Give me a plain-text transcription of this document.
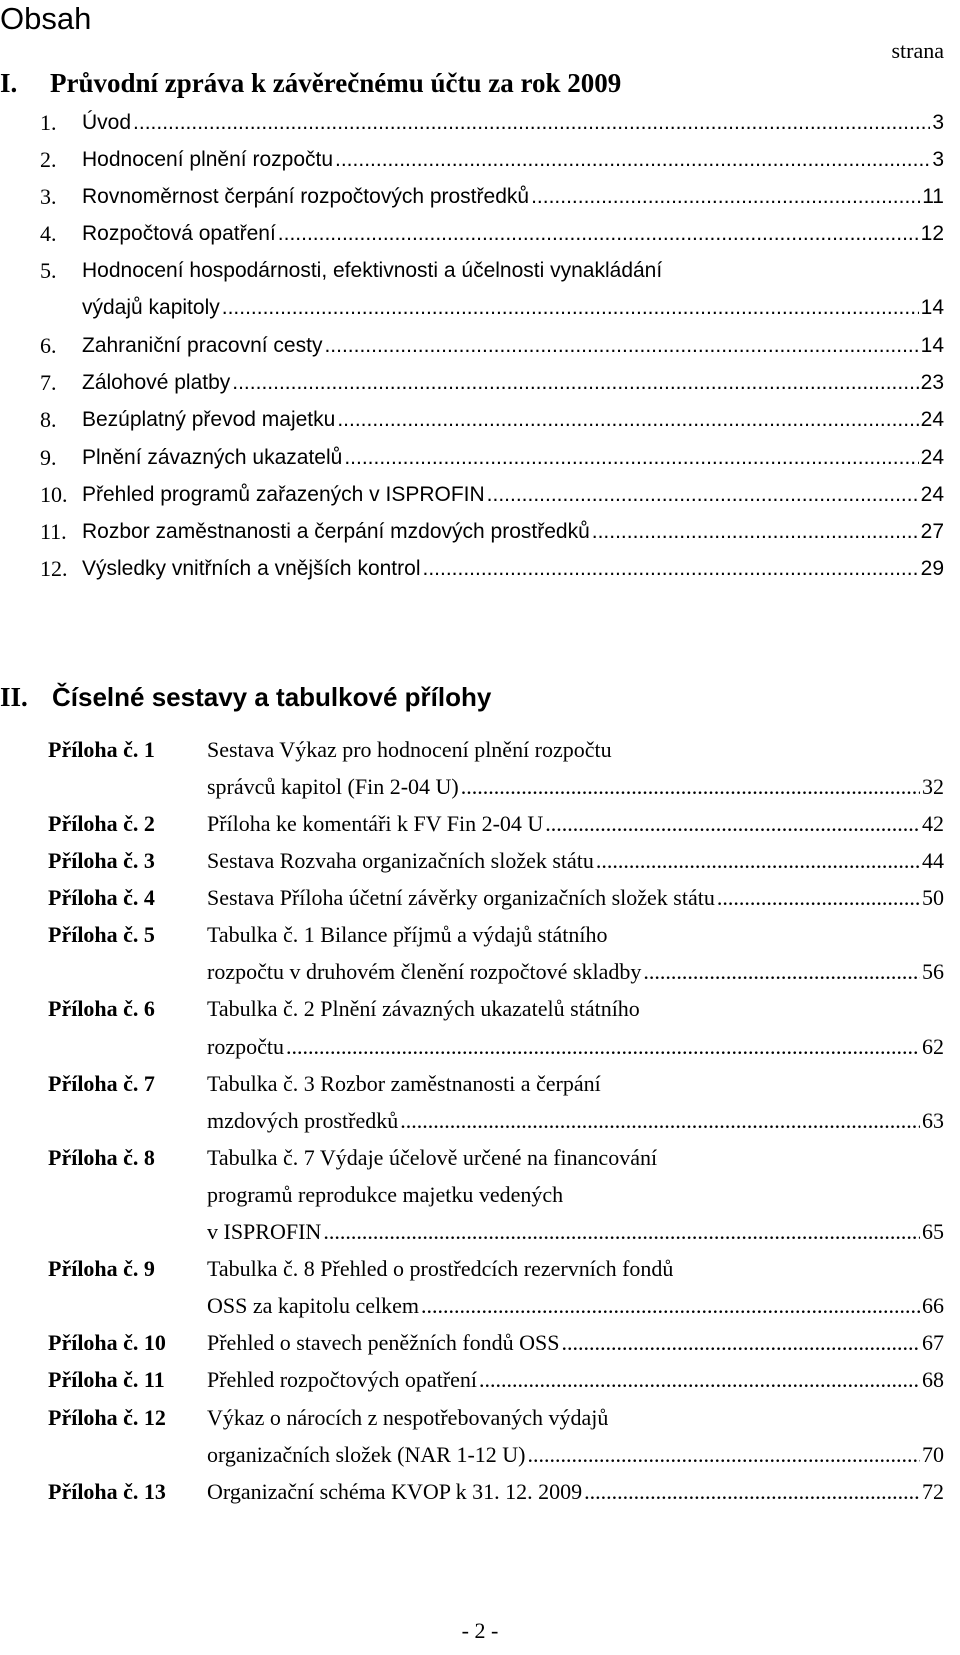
Obsah
strana
I. Průvodní zpráva k závěrečnému účtu za rok 2009
1. Úvod .....	3
2. Hodnocení plnění rozpočtu .....	3
3. Rovnoměrnost čerpání rozpočtových prostředků .....	11
4. Rozpočtová opatření .....	12
5. Hodnocení hospodárnosti, efektivnosti a účelnosti vynakládání
výdajů kapitoly .....	14
6. Zahraniční pracovní cesty .....	14
7. Zálohové platby .....	23
8. Bezúplatný převod majetku .....	24
9. Plnění závazných ukazatelů .....	24
10. Přehled programů zařazených v ISPROFIN .....	24
11. Rozbor zaměstnanosti a čerpání mzdových prostředků .....	27
12. Výsledky vnitřních a vnějších kontrol .....	29
II. Číselné sestavy a tabulkové přílohy
Příloha č. 1 Sestava Výkaz pro hodnocení plnění rozpočtu
správců kapitol (Fin 2-04 U) .....	32
Příloha č. 2 Příloha ke komentáři k FV Fin 2-04 U .....	42
Příloha č. 3 Sestava Rozvaha organizačních složek státu .....	44
Příloha č. 4 Sestava Příloha účetní závěrky organizačních složek státu .....	50
Příloha č. 5 Tabulka č. 1 Bilance příjmů a výdajů státního
rozpočtu v druhovém členění rozpočtové skladby .....	56
Příloha č. 6 Tabulka č. 2 Plnění závazných ukazatelů státního
rozpočtu .....	62
Příloha č. 7 Tabulka č. 3 Rozbor zaměstnanosti a čerpání
mzdových prostředků .....	63
Příloha č. 8 Tabulka č. 7 Výdaje účelově určené na financování
programů reprodukce majetku vedených
v ISPROFIN .....	65
Příloha č. 9 Tabulka č. 8 Přehled o prostředcích rezervních fondů
OSS za kapitolu celkem .....	66
Příloha č. 10 Přehled o stavech peněžních fondů OSS .....	67
Příloha č. 11 Přehled rozpočtových opatření .....	68
Příloha č. 12 Výkaz o nárocích z nespotřebovaných výdajů
organizačních složek (NAR 1-12 U) .....	70
Příloha č. 13 Organizační schéma KVOP k 31. 12. 2009 .....	72
- 2 -
